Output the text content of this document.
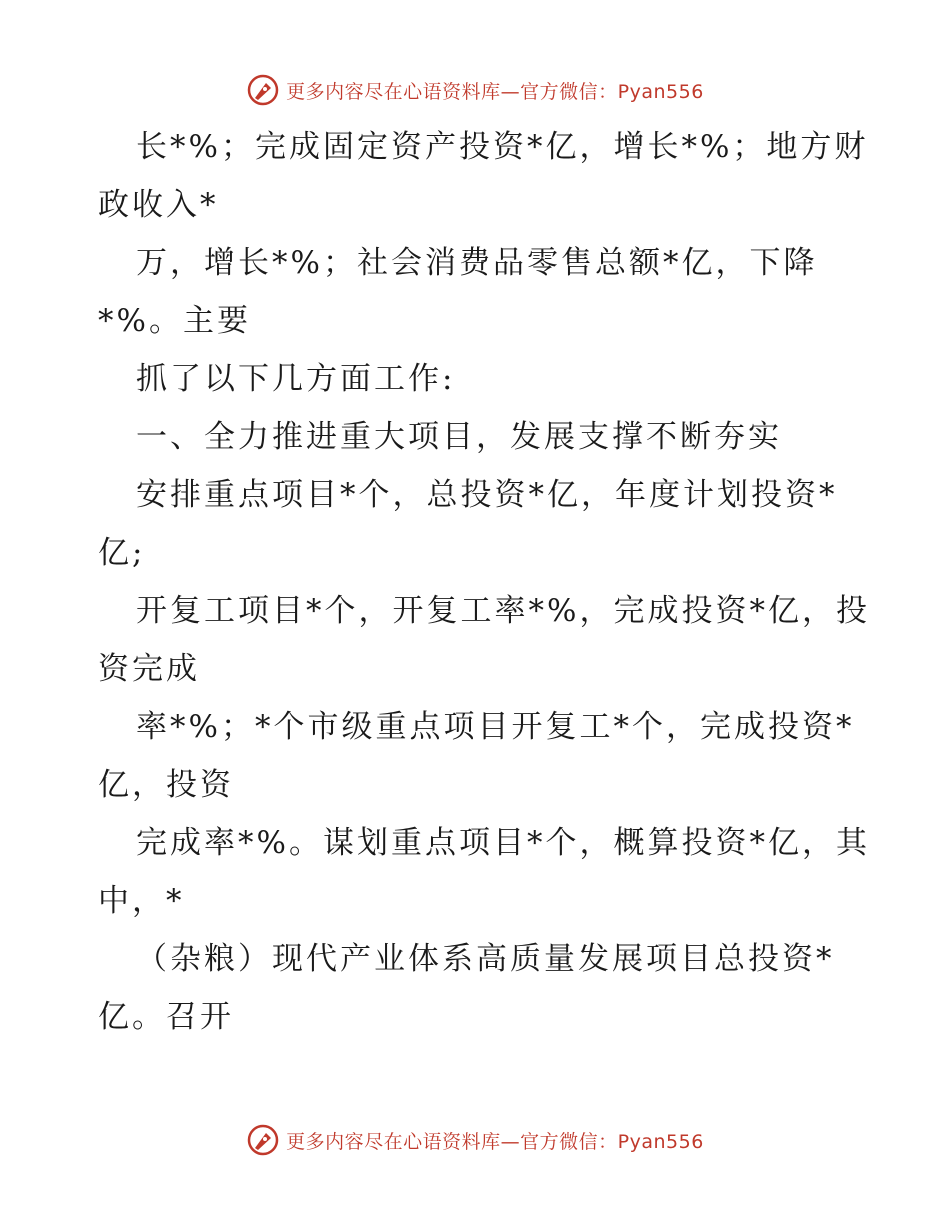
更多内容尽在心语资料库—官方微信：Pyan556
长*%；完成固定资产投资*亿，增长*%；地方财
政收入*
万，增长*%；社会消费品零售总额*亿，下降
*%。主要
抓了以下几方面工作:
一、全力推进重大项目，发展支撑不断夯实
安排重点项目*个，总投资*亿，年度计划投资*
亿;
开复工项目*个，开复工率*%，完成投资*亿，投
资完成
率*%；*个市级重点项目开复工*个，完成投资*
亿，投资
完成率*%。谋划重点项目*个，概算投资*亿，其
中，*
（杂粮）现代产业体系高质量发展项目总投资*
亿。召开
更多内容尽在心语资料库—官方微信：Pyan556
